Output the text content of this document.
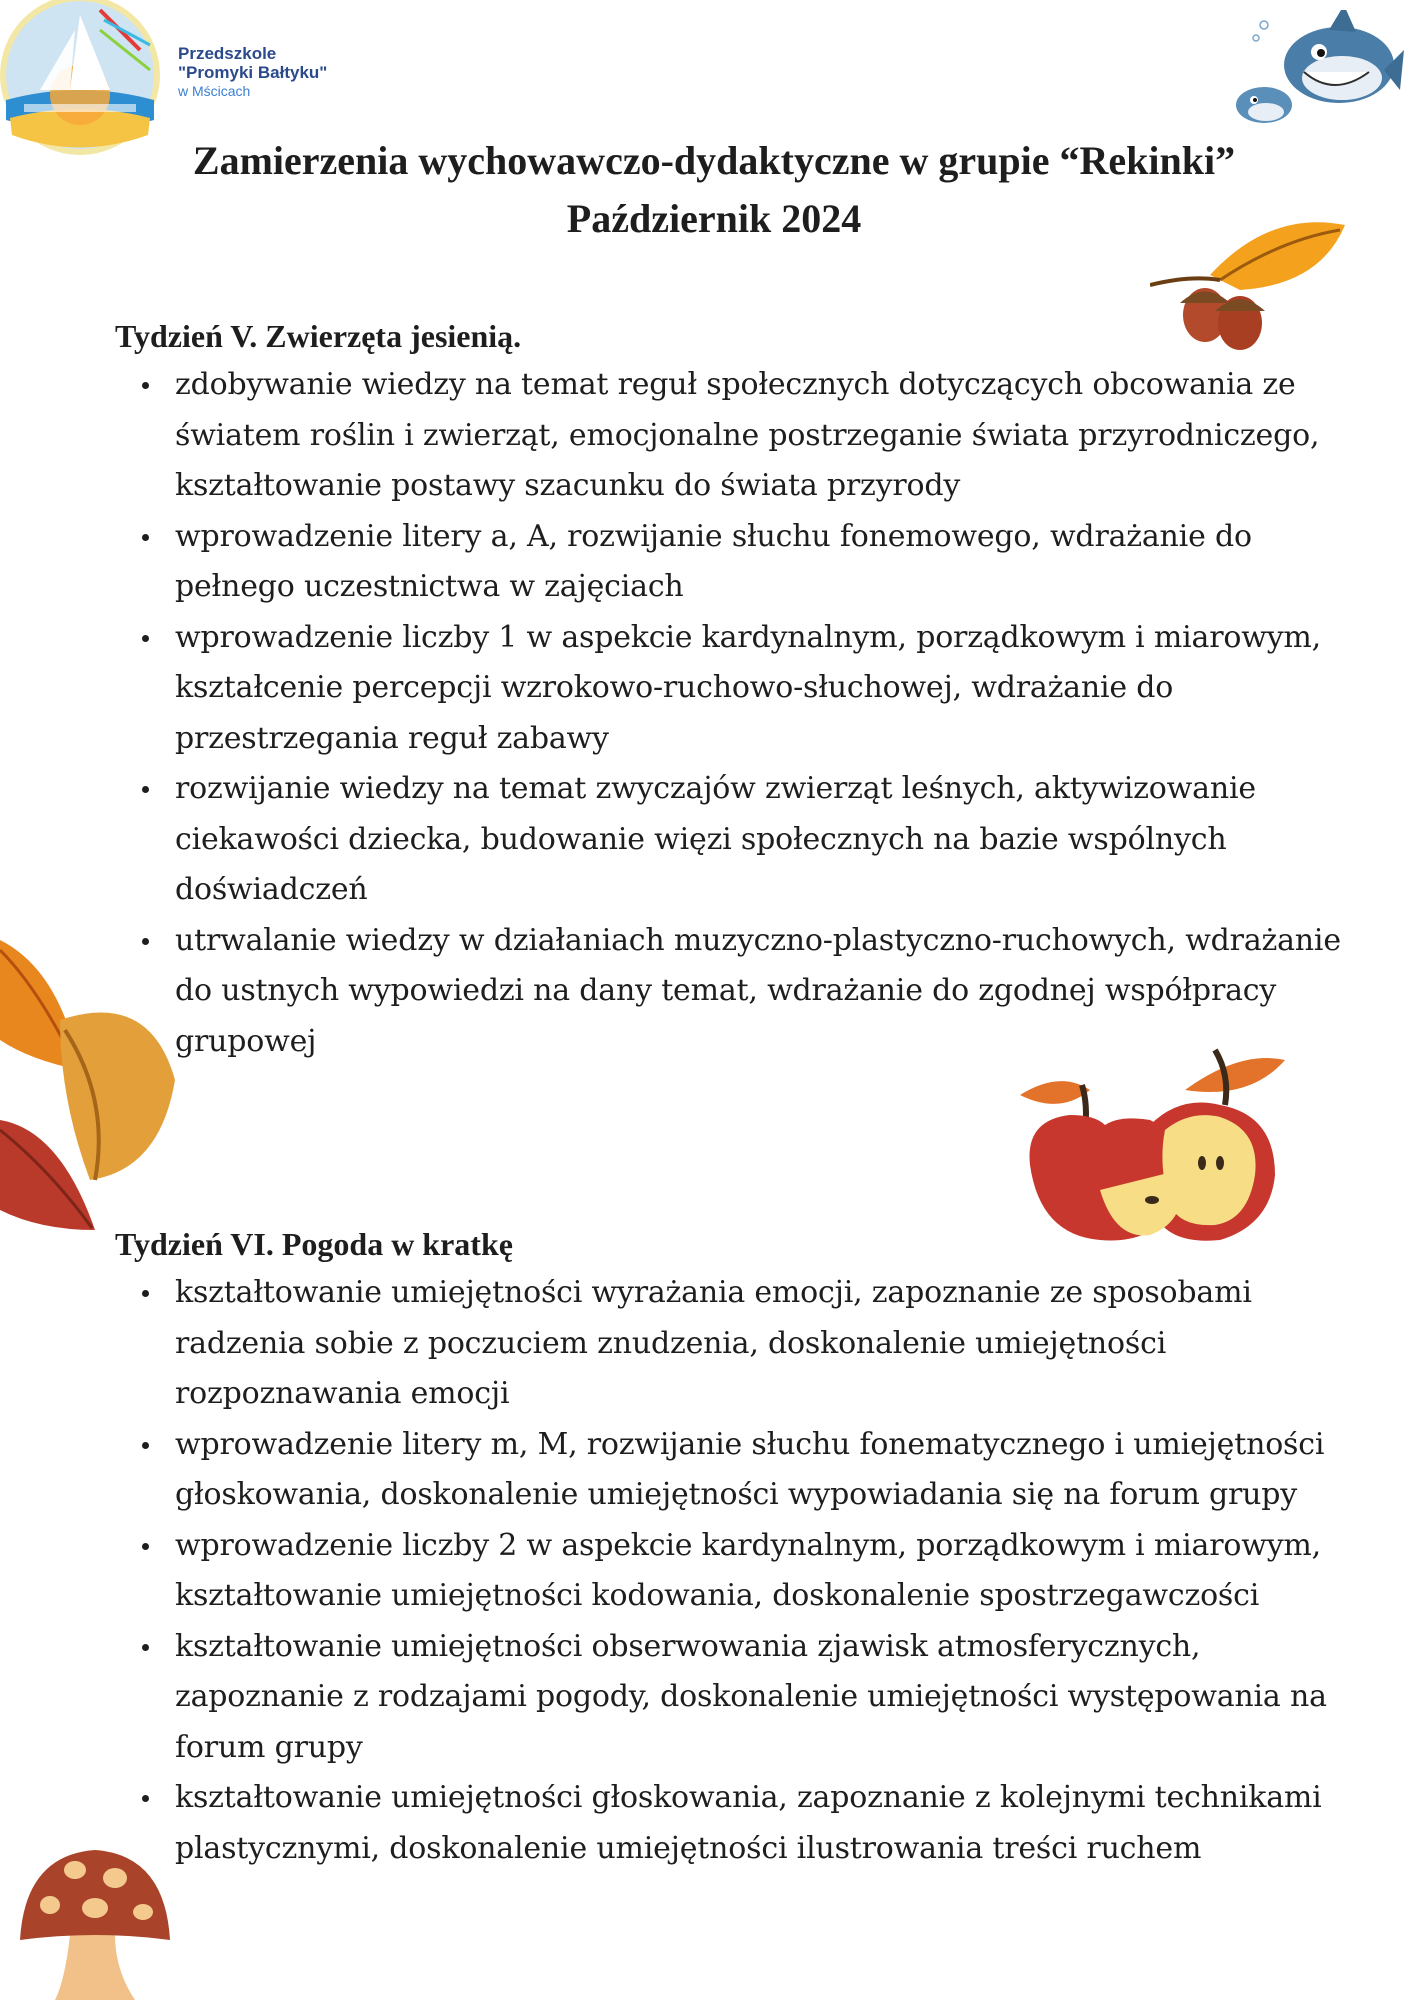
Przedszkole
"Promyki Bałtyku"
w Mścicach
Zamierzenia wychowawczo-dydaktyczne w grupie “Rekinki”
Październik 2024
Tydzień V. Zwierzęta jesienią.
zdobywanie wiedzy na temat reguł społecznych dotyczących obcowania ze światem roślin i zwierząt, emocjonalne postrzeganie świata przyrodniczego, kształtowanie postawy szacunku do świata przyrody
wprowadzenie litery a, A, rozwijanie słuchu fonemowego, wdrażanie do pełnego uczestnictwa w zajęciach
wprowadzenie liczby 1 w aspekcie kardynalnym, porządkowym i miarowym, kształcenie percepcji wzrokowo-ruchowo-słuchowej, wdrażanie do przestrzegania reguł zabawy
rozwijanie wiedzy na temat zwyczajów zwierząt leśnych, aktywizowanie ciekawości dziecka, budowanie więzi społecznych na bazie wspólnych doświadczeń
utrwalanie wiedzy w działaniach muzyczno-plastyczno-ruchowych, wdrażanie do ustnych wypowiedzi na dany temat, wdrażanie do zgodnej współpracy grupowej
Tydzień VI. Pogoda w kratkę
kształtowanie umiejętności wyrażania emocji, zapoznanie ze sposobami radzenia sobie z poczuciem znudzenia, doskonalenie umiejętności rozpoznawania emocji
wprowadzenie litery m, M, rozwijanie słuchu fonematycznego i umiejętności głoskowania, doskonalenie umiejętności wypowiadania się na forum grupy
wprowadzenie liczby 2 w aspekcie kardynalnym, porządkowym i miarowym, kształtowanie umiejętności kodowania, doskonalenie spostrzegawczości
kształtowanie umiejętności obserwowania zjawisk atmosferycznych, zapoznanie z rodzajami pogody, doskonalenie umiejętności występowania na forum grupy
kształtowanie umiejętności głoskowania, zapoznanie z kolejnymi technikami plastycznymi, doskonalenie umiejętności ilustrowania treści ruchem
